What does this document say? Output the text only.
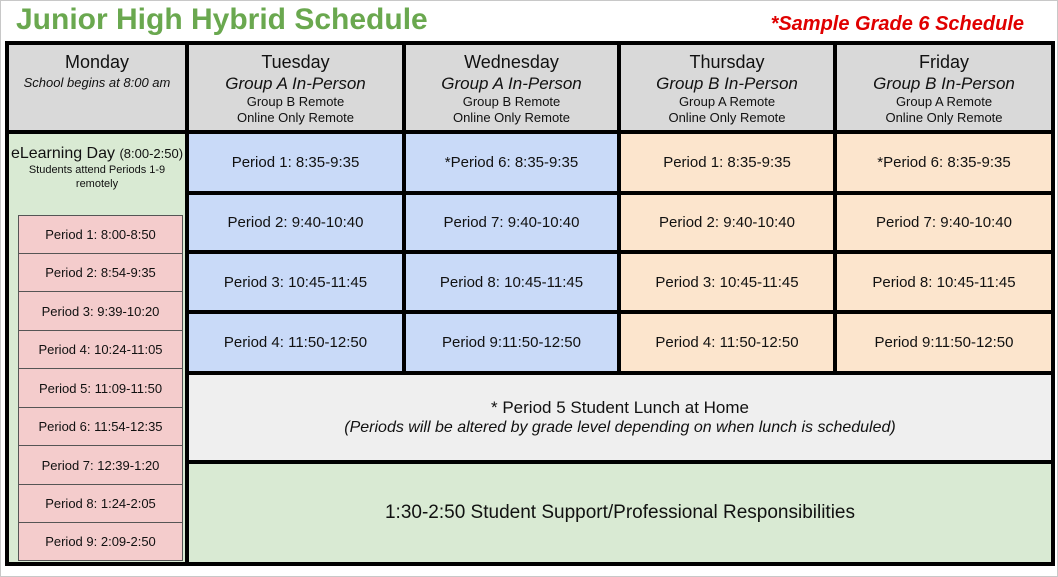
Junior High Hybrid Schedule	*Sample Grade 6 Schedule
Monday
School begins at 8:00 am
Tuesday
Group A In-Person
Group B Remote
Online Only Remote
Wednesday
Group A In-Person
Group B Remote
Online Only Remote
Thursday
Group B In-Person
Group A Remote
Online Only Remote
Friday
Group B In-Person
Group A Remote
Online Only Remote
eLearning Day (8:00-2:50)
Students attend Periods 1-9 remotely
Period 1: 8:00-8:50
Period 2: 8:54-9:35
Period 3: 9:39-10:20
Period 4: 10:24-11:05
Period 5: 11:09-11:50
Period 6: 11:54-12:35
Period 7: 12:39-1:20
Period 8: 1:24-2:05
Period 9: 2:09-2:50
Period 1: 8:35-9:35
Period 2: 9:40-10:40
Period 3: 10:45-11:45
Period 4: 11:50-12:50
*Period 6: 8:35-9:35
Period 7: 9:40-10:40
Period 8: 10:45-11:45
Period 9:11:50-12:50
Period 1: 8:35-9:35
Period 2: 9:40-10:40
Period 3: 10:45-11:45
Period 4: 11:50-12:50
*Period 6: 8:35-9:35
Period 7: 9:40-10:40
Period 8: 10:45-11:45
Period 9:11:50-12:50
* Period 5 Student Lunch at Home
(Periods will be altered by grade level depending on when lunch is scheduled)
1:30-2:50 Student Support/Professional Responsibilities
